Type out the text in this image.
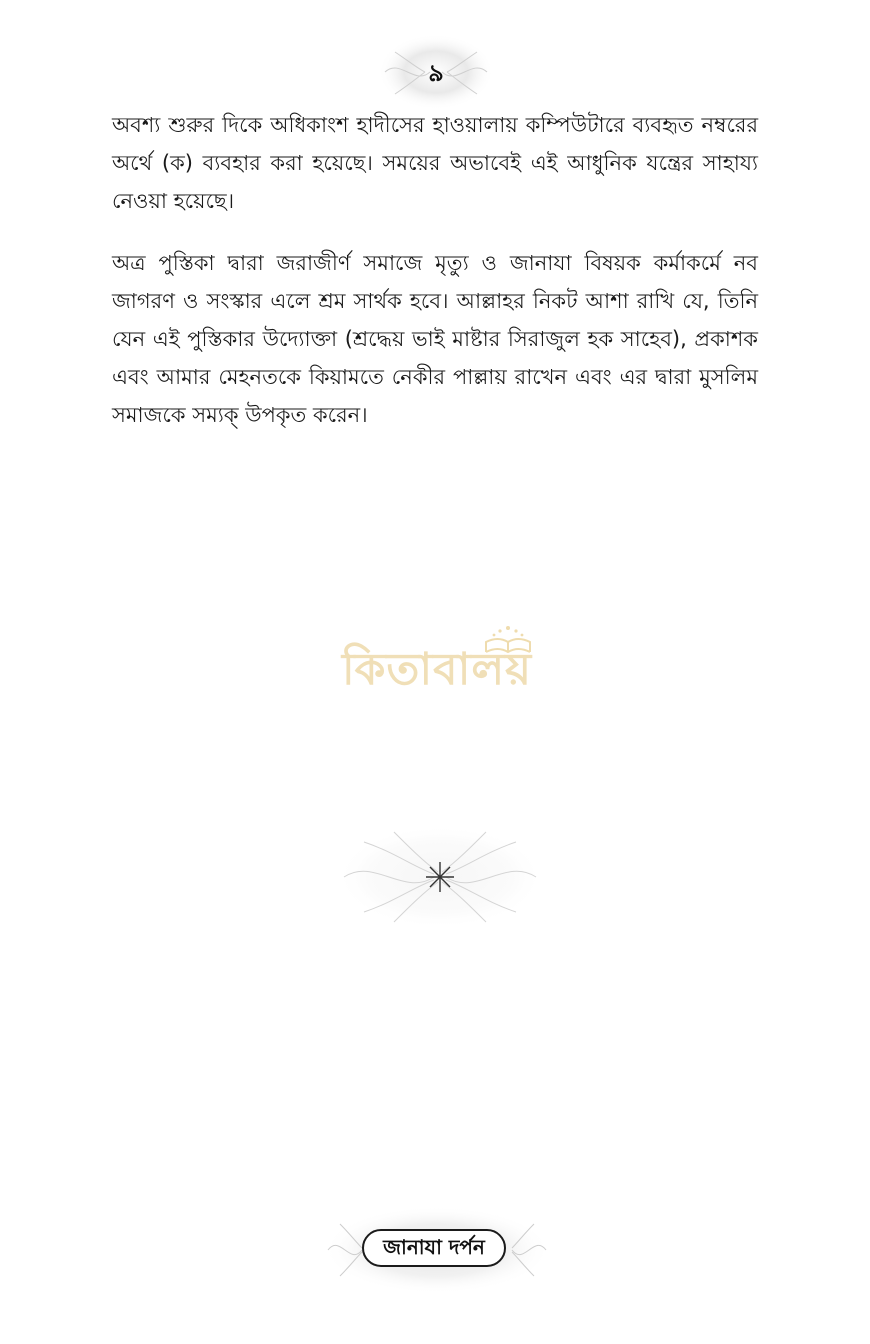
৯

অবশ্য শুরুর দিকে অধিকাংশ হাদীসের হাওয়ালায় কম্পিউটারে ব্যবহৃত নম্বরের অর্থে (ক) ব্যবহার করা হয়েছে। সময়ের অভাবেই এই আধুনিক যন্ত্রের সাহায্য নেওয়া হয়েছে।

অত্র পুস্তিকা দ্বারা জরাজীর্ণ সমাজে মৃত্যু ও জানাযা বিষয়ক কর্মাকর্মে নব জাগরণ ও সংস্কার এলে শ্রম সার্থক হবে। আল্লাহর নিকট আশা রাখি যে, তিনি যেন এই পুস্তিকার উদ্যোক্তা (শ্রদ্ধেয় ভাই মাষ্টার সিরাজুল হক সাহেব), প্রকাশক এবং আমার মেহনতকে কিয়ামতে নেকীর পাল্লায় রাখেন এবং এর দ্বারা মুসলিম সমাজকে সম্যক্ উপকৃত করেন।

কিতাবালয়
জানাযা দর্পন
